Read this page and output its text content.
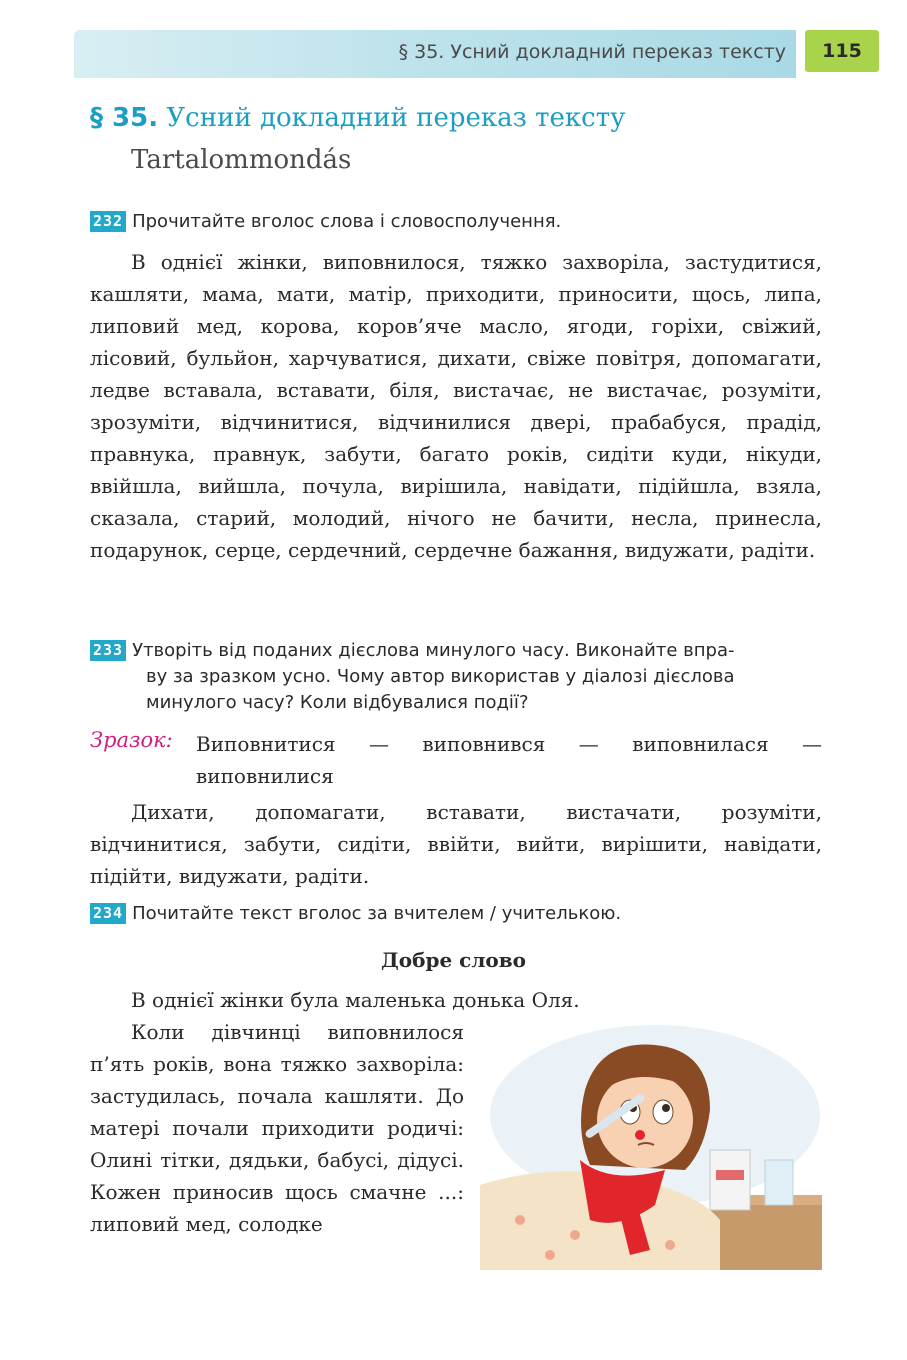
§ 35. Усний докладний переказ тексту	115
§ 35. Усний докладний переказ тексту
Tartalommondás
232 Прочитайте вголос слова і словосполучення.
В однієї жінки, виповнилося, тяжко захворіла, застудитися, кашляти, мама, мати, матір, приходити, приносити, щось, липа, липовий мед, корова, коров’яче масло, ягоди, горіхи, свіжий, лісовий, бульйон, харчуватися, дихати, свіже повітря, допомагати, ледве вставала, вставати, біля, вистачає, не вистачає, розуміти, зрозуміти, відчинитися, відчинилися двері, прабабуся, прадід, правнука, правнук, забути, багато років, сидіти куди, нікуди, ввійшла, вийшла, почула, вирішила, навідати, підійшла, взяла, сказала, старий, молодий, нічого не бачити, несла, принесла, подарунок, серце, сердечний, сердечне бажання, видужати, радіти.
233 Утворіть від поданих дієслова минулого часу. Виконайте впра-
ву за зразком усно. Чому автор використав у діалозі дієслова минулого часу? Коли відбувалися події?
Зразок: Виповнитися — виповнився — виповнилася — виповнилися
Дихати, допомагати, вставати, вистачати, розуміти, відчинитися, забути, сидіти, ввійти, вийти, вирішити, навідати, підійти, видужати, радіти.
234 Почитайте текст вголос за вчителем / учителькою.
Добре слово
В однієї жінки була маленька донька Оля.
Коли дівчинці виповнилося п’ять років, вона тяжко захворіла: застудилась, почала кашляти. До матері почали приходити родичі: Олині тітки, дядьки, бабусі, дідусі. Кожен приносив щось смачне ...: липовий мед, солодке
